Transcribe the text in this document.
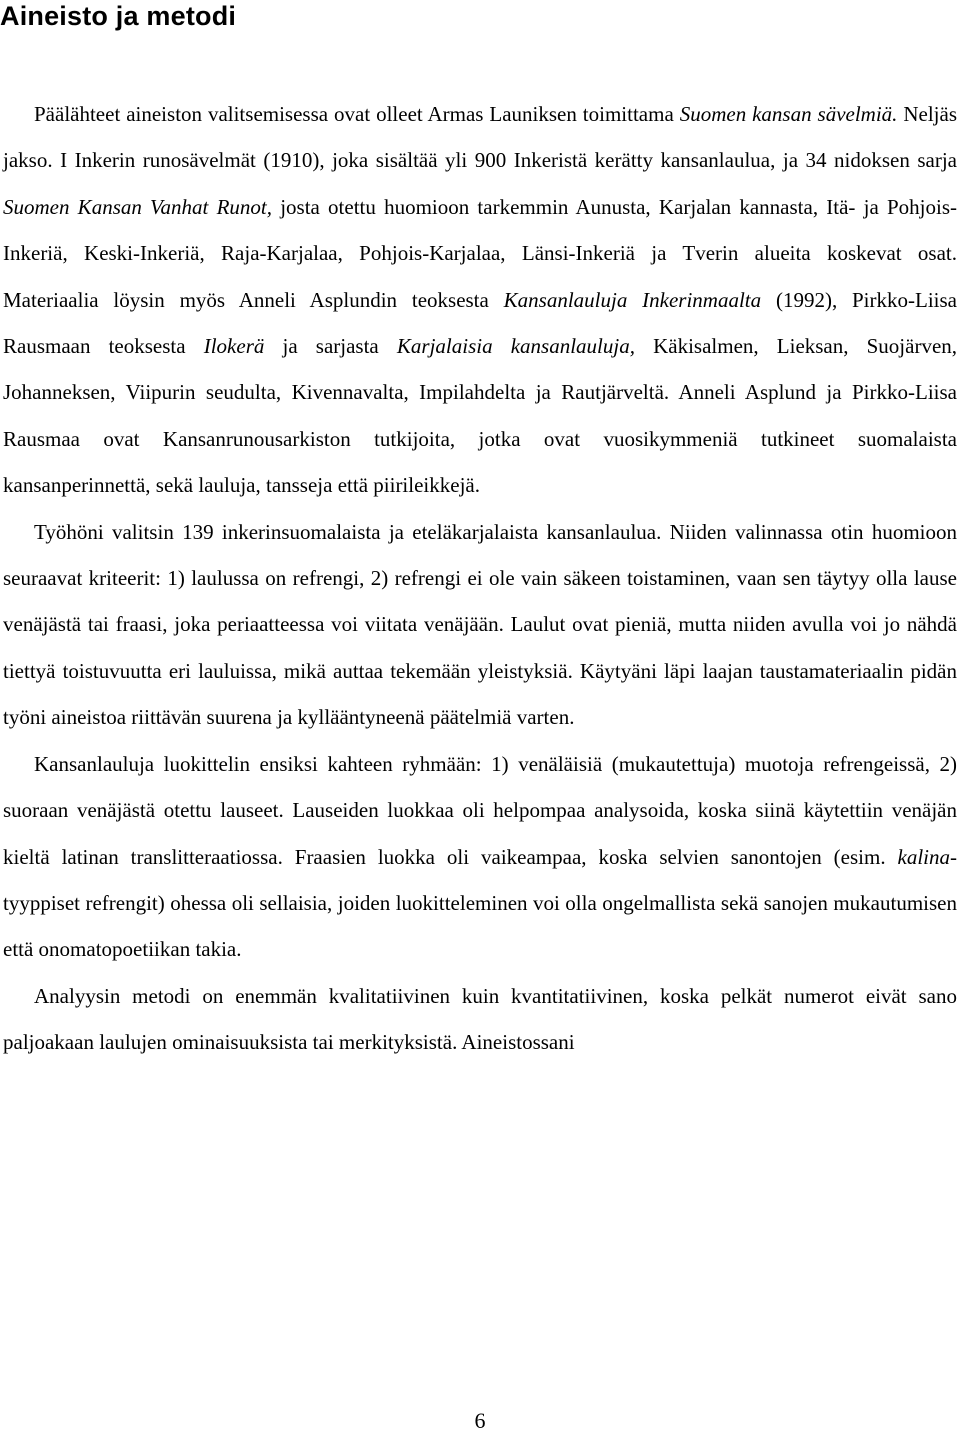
Aineisto ja metodi

Päälähteet aineiston valitsemisessa ovat olleet Armas Launiksen toimittama Suomen kansan sävelmiä. Neljäs jakso. I Inkerin runosävelmät (1910), joka sisältää yli 900 Inkeristä kerätty kansanlaulua, ja 34 nidoksen sarja Suomen Kansan Vanhat Runot, josta otettu huomioon tarkemmin Aunusta, Karjalan kannasta, Itä- ja Pohjois-Inkeriä, Keski-Inkeriä, Raja-Karjalaa, Pohjois-Karjalaa, Länsi-Inkeriä ja Tverin alueita koskevat osat. Materiaalia löysin myös Anneli Asplundin teoksesta Kansanlauluja Inkerinmaalta (1992), Pirkko-Liisa Rausmaan teoksesta Ilokerä ja sarjasta Karjalaisia kansanlauluja, Käkisalmen, Lieksan, Suojärven, Johanneksen, Viipurin seudulta, Kivennavalta, Impilahdelta ja Rautjärveltä. Anneli Asplund ja Pirkko-Liisa Rausmaa ovat Kansanrunousarkiston tutkijoita, jotka ovat vuosikymmeniä tutkineet suomalaista kansanperinnettä, sekä lauluja, tansseja että piirileikkejä.

Työhöni valitsin 139 inkerinsuomalaista ja eteläkarjalaista kansanlaulua. Niiden valinnassa otin huomioon seuraavat kriteerit: 1) laulussa on refrengi, 2) refrengi ei ole vain säkeen toistaminen, vaan sen täytyy olla lause venäjästä tai fraasi, joka periaatteessa voi viitata venäjään. Laulut ovat pieniä, mutta niiden avulla voi jo nähdä tiettyä toistuvuutta eri lauluissa, mikä auttaa tekemään yleistyksiä. Käytyäni läpi laajan taustamateriaalin pidän työni aineistoa riittävän suurena ja kyllääntyneenä päätelmiä varten.

Kansanlauluja luokittelin ensiksi kahteen ryhmään: 1) venäläisiä (mukautettuja) muotoja refrengeissä, 2) suoraan venäjästä otettu lauseet. Lauseiden luokkaa oli helpompaa analysoida, koska siinä käytettiin venäjän kieltä latinan translitteraatiossa. Fraasien luokka oli vaikeampaa, koska selvien sanontojen (esim. kalina-tyyppiset refrengit) ohessa oli sellaisia, joiden luokitteleminen voi olla ongelmallista sekä sanojen mukautumisen että onomatopoetiikan takia.

Analyysin metodi on enemmän kvalitatiivinen kuin kvantitatiivinen, koska pelkät numerot eivät sano paljoakaan laulujen ominaisuuksista tai merkityksistä. Aineistossani

6
